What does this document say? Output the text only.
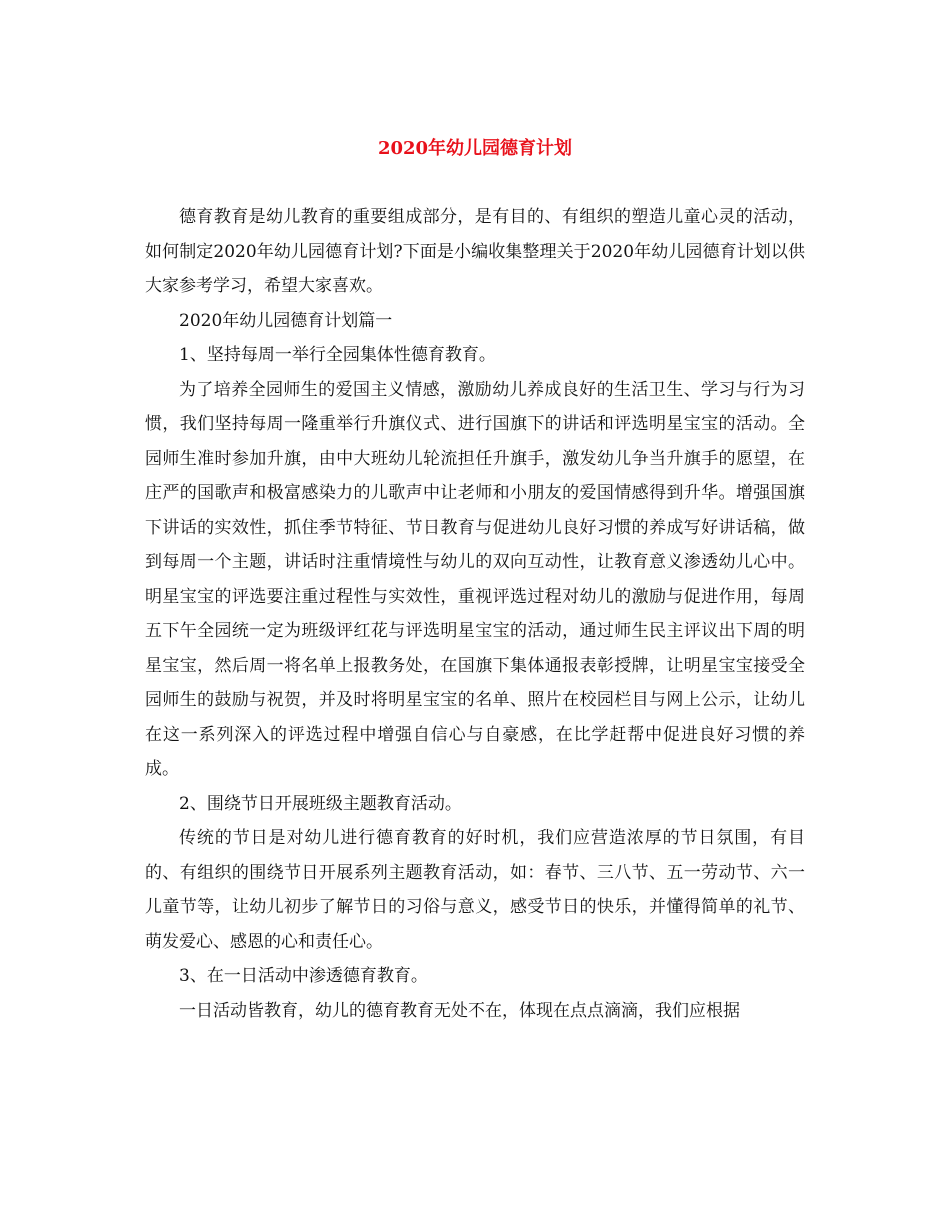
2020年幼儿园德育计划

德育教育是幼儿教育的重要组成部分，是有目的、有组织的塑造儿童心灵的活动，如何制定2020年幼儿园德育计划?下面是小编收集整理关于2020年幼儿园德育计划以供大家参考学习，希望大家喜欢。

2020年幼儿园德育计划篇一

1、坚持每周一举行全园集体性德育教育。

为了培养全园师生的爱国主义情感，激励幼儿养成良好的生活卫生、学习与行为习惯，我们坚持每周一隆重举行升旗仪式、进行国旗下的讲话和评选明星宝宝的活动。全园师生准时参加升旗，由中大班幼儿轮流担任升旗手，激发幼儿争当升旗手的愿望，在庄严的国歌声和极富感染力的儿歌声中让老师和小朋友的爱国情感得到升华。增强国旗下讲话的实效性，抓住季节特征、节日教育与促进幼儿良好习惯的养成写好讲话稿，做到每周一个主题，讲话时注重情境性与幼儿的双向互动性，让教育意义渗透幼儿心中。明星宝宝的评选要注重过程性与实效性，重视评选过程对幼儿的激励与促进作用，每周五下午全园统一定为班级评红花与评选明星宝宝的活动，通过师生民主评议出下周的明星宝宝，然后周一将名单上报教务处，在国旗下集体通报表彰授牌，让明星宝宝接受全园师生的鼓励与祝贺，并及时将明星宝宝的名单、照片在校园栏目与网上公示，让幼儿在这一系列深入的评选过程中增强自信心与自豪感，在比学赶帮中促进良好习惯的养成。

2、围绕节日开展班级主题教育活动。

传统的节日是对幼儿进行德育教育的好时机，我们应营造浓厚的节日氛围，有目的、有组织的围绕节日开展系列主题教育活动，如：春节、三八节、五一劳动节、六一儿童节等，让幼儿初步了解节日的习俗与意义，感受节日的快乐，并懂得简单的礼节、萌发爱心、感恩的心和责任心。

3、在一日活动中渗透德育教育。

一日活动皆教育，幼儿的德育教育无处不在，体现在点点滴滴，我们应根据
